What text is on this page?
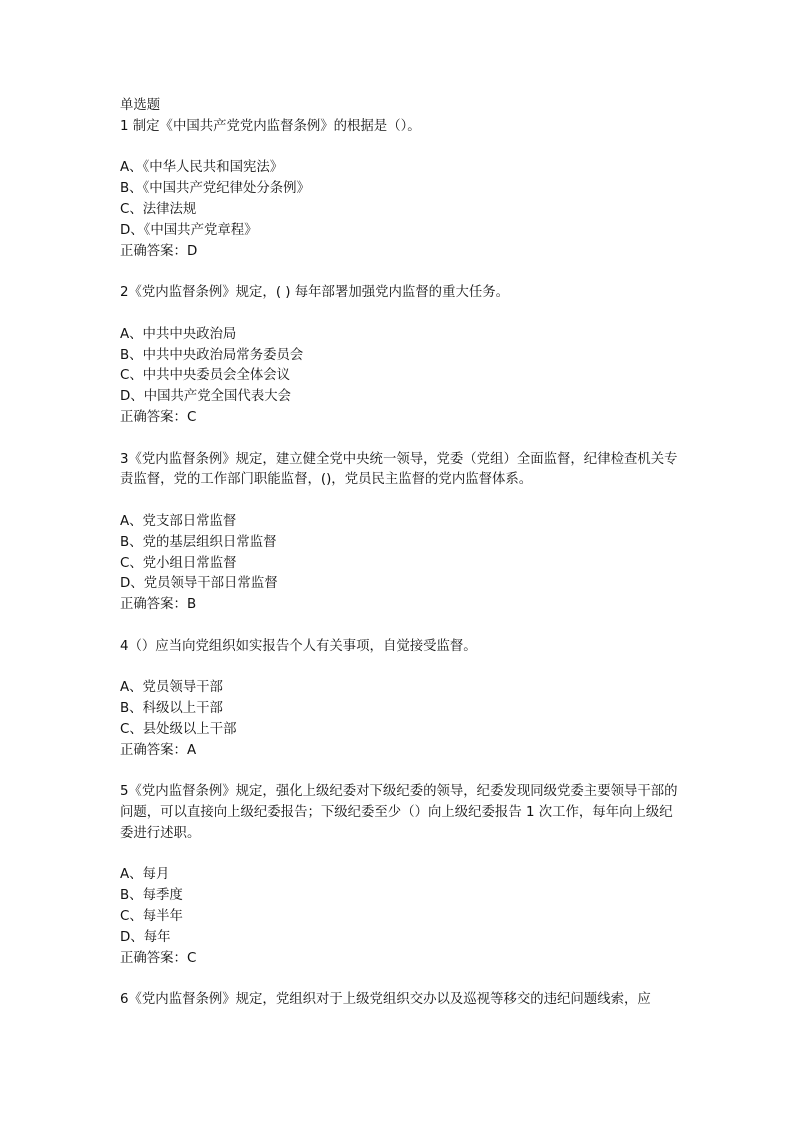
单选题
1 制定《中国共产党党内监督条例》的根据是（）。
A、《中华人民共和国宪法》
B、《中国共产党纪律处分条例》
C、法律法规
D、《中国共产党章程》
正确答案：D
2《党内监督条例》规定，( ) 每年部署加强党内监督的重大任务。
A、中共中央政治局
B、中共中央政治局常务委员会
C、中共中央委员会全体会议
D、中国共产党全国代表大会
正确答案：C
3《党内监督条例》规定，建立健全党中央统一领导，党委（党组）全面监督，纪律检查机关专责监督，党的工作部门职能监督，()，党员民主监督的党内监督体系。
A、党支部日常监督
B、党的基层组织日常监督
C、党小组日常监督
D、党员领导干部日常监督
正确答案：B
4（）应当向党组织如实报告个人有关事项，自觉接受监督。
A、党员领导干部
B、科级以上干部
C、县处级以上干部
正确答案：A
5《党内监督条例》规定，强化上级纪委对下级纪委的领导，纪委发现同级党委主要领导干部的问题，可以直接向上级纪委报告；下级纪委至少（）向上级纪委报告 1 次工作，每年向上级纪委进行述职。
A、每月
B、每季度
C、每半年
D、每年
正确答案：C
6《党内监督条例》规定，党组织对于上级党组织交办以及巡视等移交的违纪问题线索，应
